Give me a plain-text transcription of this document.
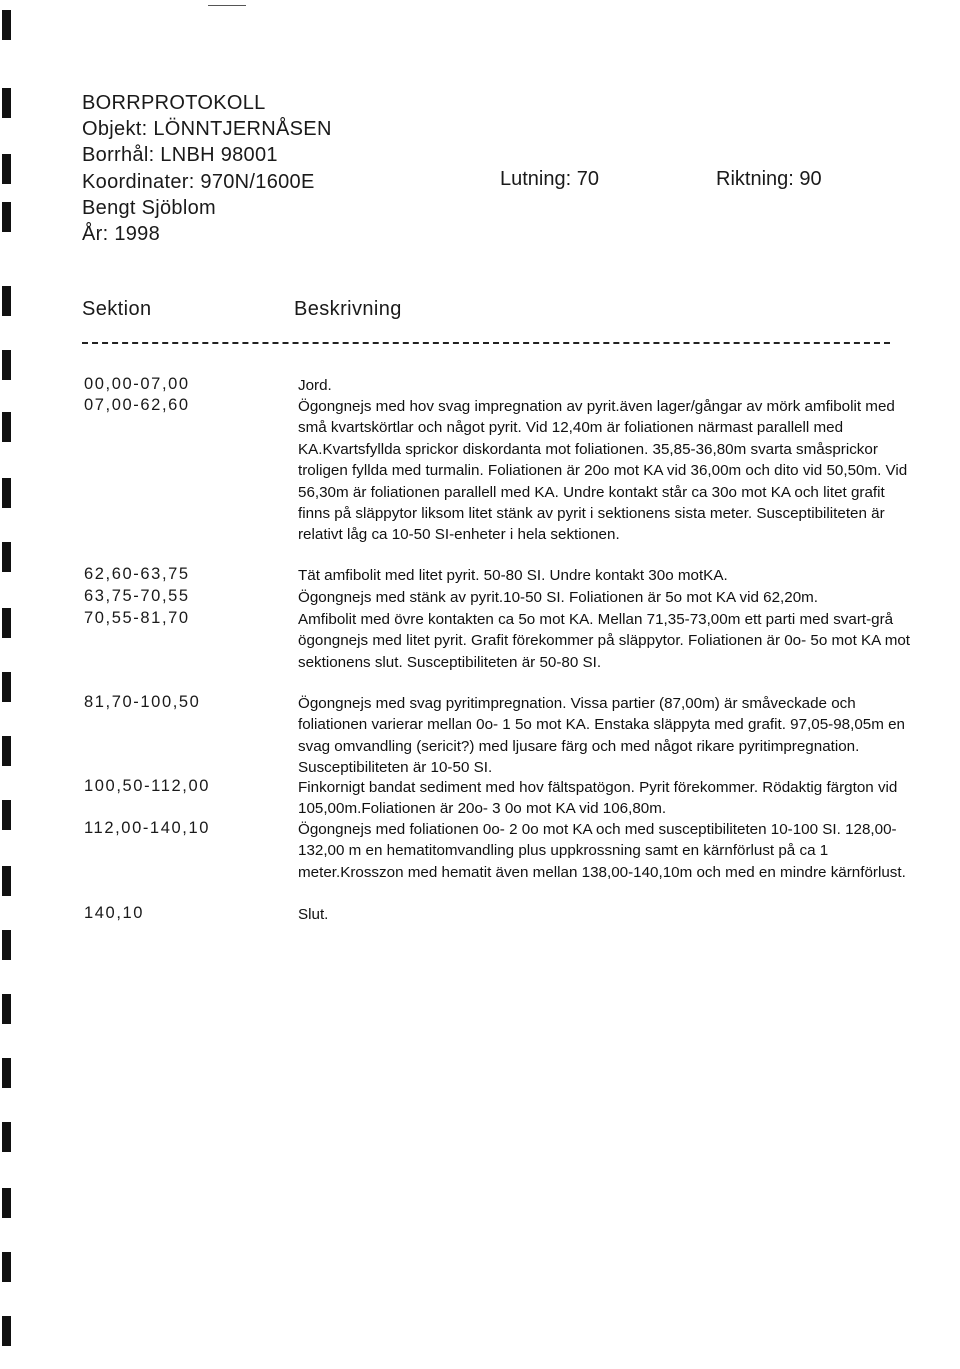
BORRPROTOKOLL
Objekt: LÖNNTJERNÅSEN
Borrhål: LNBH 98001
Koordinater: 970N/1600E
Bengt Sjöblom
År: 1998
Lutning: 70	Riktning: 90
Sektion	Beskrivning
00,00-07,00	Jord.
07,00-62,60	Ögongnejs med hov svag impregnation av pyrit.även lager/gångar av mörk amfibolit med små kvartskörtlar och något pyrit. Vid 12,40m är foliationen närmast parallell med KA.Kvartsfyllda sprickor diskordanta mot foliationen. 35,85-36,80m svarta småsprickor troligen fyllda med turmalin. Foliationen är 20o mot KA vid 36,00m och dito vid 50,50m. Vid 56,30m är foliationen parallell med KA. Undre kontakt står ca 30o mot KA och litet grafit finns på släppytor liksom litet stänk av pyrit i sektionens sista meter. Susceptibiliteten är relativt låg ca 10-50 SI-enheter i hela sektionen.
62,60-63,75	Tät amfibolit med litet pyrit. 50-80 SI. Undre kontakt 30o motKA.
63,75-70,55	Ögongnejs med stänk av pyrit.10-50 SI. Foliationen är 5o mot KA vid 62,20m.
70,55-81,70	Amfibolit med övre kontakten ca 5o mot KA. Mellan 71,35-73,00m ett parti med svart-grå ögongnejs med litet pyrit. Grafit förekommer på släppytor. Foliationen är 0o- 5o mot KA mot sektionens slut. Susceptibiliteten är 50-80 SI.
81,70-100,50	Ögongnejs med svag pyritimpregnation. Vissa partier (87,00m) är småveckade och foliationen varierar mellan 0o- 1 5o mot KA. Enstaka släppyta med grafit. 97,05-98,05m en svag omvandling (sericit?) med ljusare färg och med något rikare pyritimpregnation. Susceptibiliteten är 10-50 SI.
100,50-112,00	Finkornigt bandat sediment med hov fältspatögon. Pyrit förekommer. Rödaktig färgton vid 105,00m.Foliationen är 20o- 3 0o mot KA vid 106,80m.
112,00-140,10	Ögongnejs med foliationen 0o- 2 0o mot KA och med susceptibiliteten 10-100 SI. 128,00-132,00 m en hematitomvandling plus uppkrossning samt en kärnförlust på ca 1 meter.Krosszon med hematit även mellan 138,00-140,10m och med en mindre kärnförlust.
140,10	Slut.
